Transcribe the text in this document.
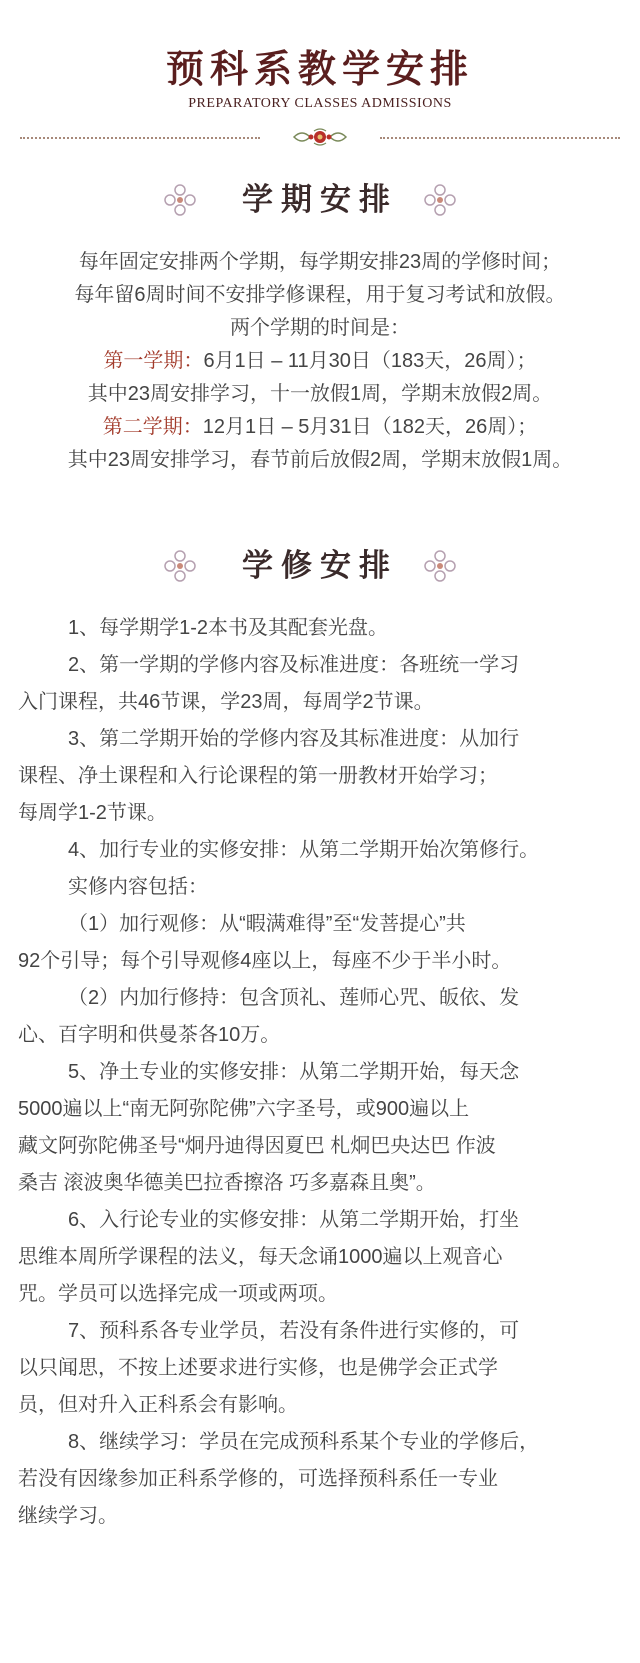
预科系教学安排
PREPARATORY CLASSES ADMISSIONS
学期安排
每年固定安排两个学期，每学期安排23周的学修时间；
每年留6周时间不安排学修课程，用于复习考试和放假。
两个学期的时间是：
第一学期：6月1日 – 11月30日（183天，26周）；
其中23周安排学习，十一放假1周，学期末放假2周。
第二学期：12月1日 – 5月31日（182天，26周）；
其中23周安排学习，春节前后放假2周，学期末放假1周。
学修安排
1、每学期学1-2本书及其配套光盘。
2、第一学期的学修内容及标准进度：各班统一学习
入门课程，共46节课，学23周，每周学2节课。
3、第二学期开始的学修内容及其标准进度：从加行
课程、净土课程和入行论课程的第一册教材开始学习；
每周学1-2节课。
4、加行专业的实修安排：从第二学期开始次第修行。
实修内容包括：
（1）加行观修：从“暇满难得”至“发菩提心”共
92个引导；每个引导观修4座以上，每座不少于半小时。
（2）内加行修持：包含顶礼、莲师心咒、皈依、发
心、百字明和供曼茶各10万。
5、净土专业的实修安排：从第二学期开始，每天念
5000遍以上“南无阿弥陀佛”六字圣号，或900遍以上
藏文阿弥陀佛圣号“炯丹迪得因夏巴 札炯巴央达巴 作波
桑吉 滚波奥华德美巴拉香擦洛 巧多嘉森且奥”。
6、入行论专业的实修安排：从第二学期开始，打坐
思维本周所学课程的法义，每天念诵1000遍以上观音心
咒。学员可以选择完成一项或两项。
7、预科系各专业学员，若没有条件进行实修的，可
以只闻思，不按上述要求进行实修，也是佛学会正式学
员，但对升入正科系会有影响。
8、继续学习：学员在完成预科系某个专业的学修后，
若没有因缘参加正科系学修的，可选择预科系任一专业
继续学习。
